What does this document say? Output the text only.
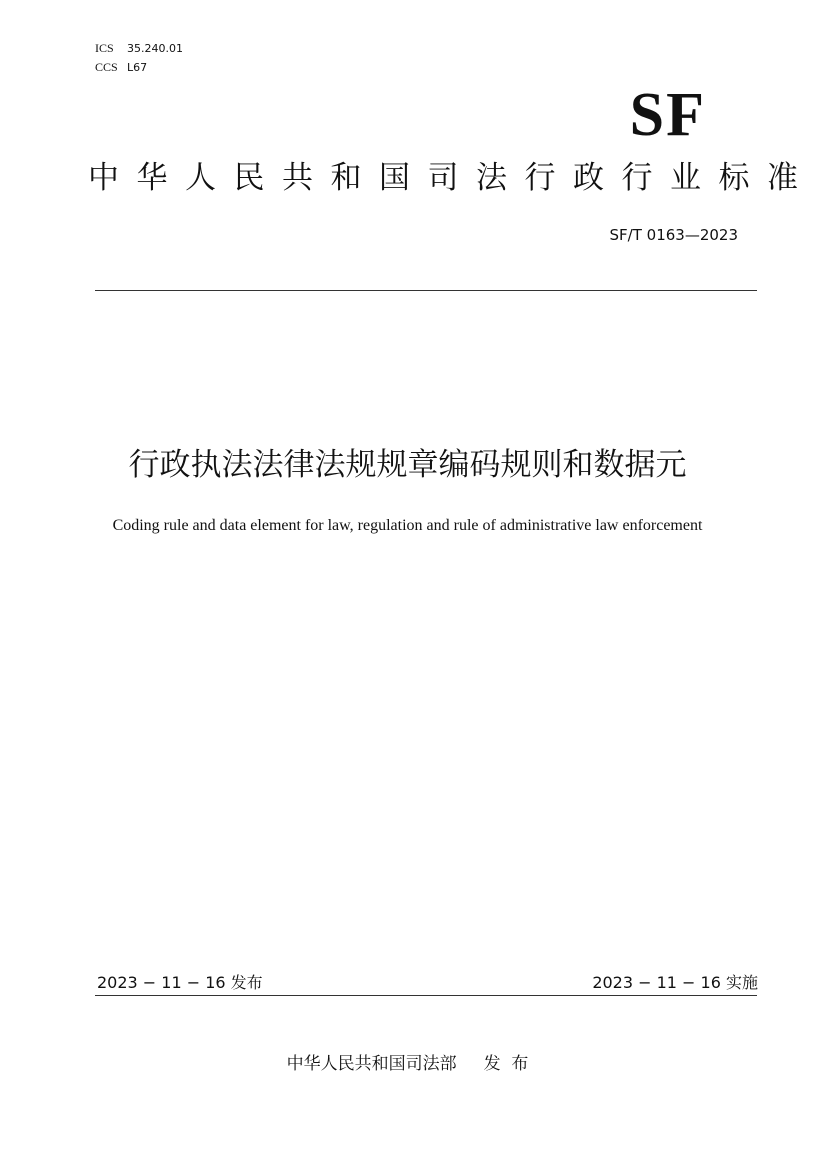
ICS 35.240.01
CCS L67
SF
中华人民共和国司法行政行业标准
SF/T 0163—2023
行政执法法律法规规章编码规则和数据元
Coding rule and data element for law, regulation and rule of administrative law enforcement
2023 − 11 − 16 发布	2023 − 11 − 16 实施
中华人民共和国司法部     发  布
